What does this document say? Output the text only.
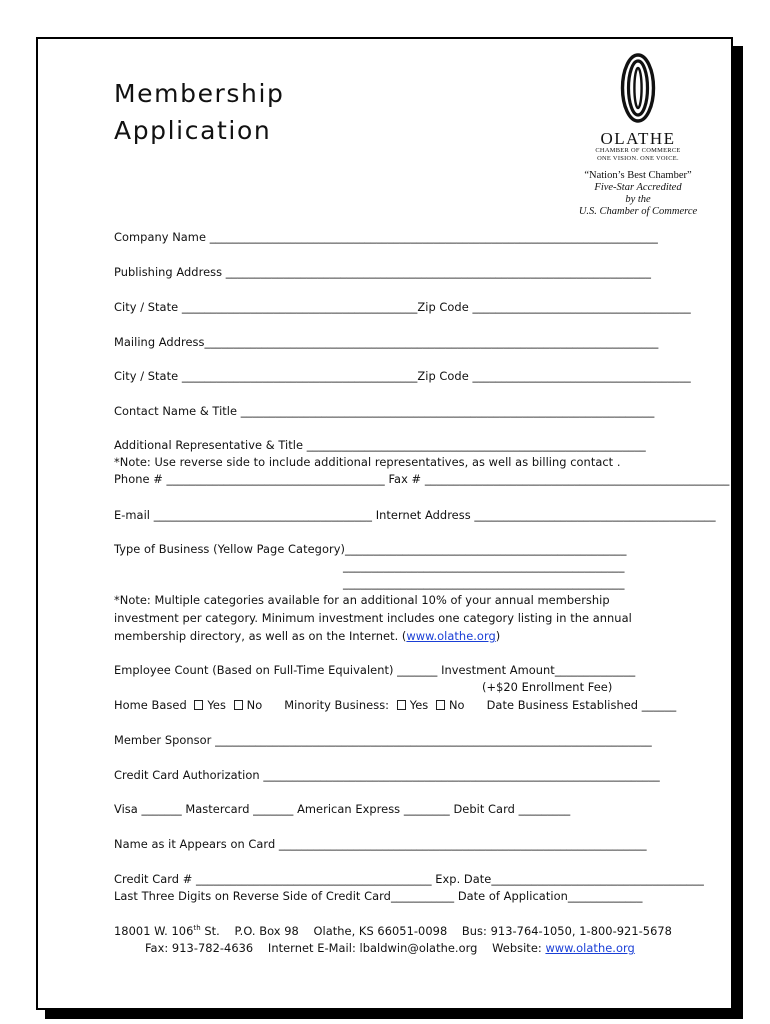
Membership
Application	OLATHE
CHAMBER OF COMMERCE
ONE VISION. ONE VOICE.
“Nation’s Best Chamber”
Five-Star Accredited
by the
U.S. Chamber of Commerce
Company Name ______________________________________________________________________________
Publishing Address __________________________________________________________________________
City / State _________________________________________Zip Code ______________________________________
Mailing Address_______________________________________________________________________________
City / State _________________________________________Zip Code ______________________________________
Contact Name & Title ________________________________________________________________________
Additional Representative & Title ___________________________________________________________
*Note: Use reverse side to include additional representatives, as well as billing contact .
Phone # ______________________________________ Fax # _____________________________________________________
E-mail ______________________________________ Internet Address __________________________________________
Type of Business (Yellow Page Category)_________________________________________________
_________________________________________________
_________________________________________________
*Note: Multiple categories available for an additional 10% of your annual membership
investment per category. Minimum investment includes one category listing in the annual
membership directory, as well as on the Internet. (www.olathe.org)
Employee Count (Based on Full-Time Equivalent) _______ Investment Amount______________
(+$20 Enrollment Fee)
Home Based Yes No Minority Business: Yes No Date Business Established ______
Member Sponsor ____________________________________________________________________________
Credit Card Authorization _____________________________________________________________________
Visa _______ Mastercard _______ American Express ________ Debit Card _________
Name as it Appears on Card ________________________________________________________________
Credit Card # _________________________________________ Exp. Date_____________________________________
Last Three Digits on Reverse Side of Credit Card___________ Date of Application_____________
18001 W. 106th St.    P.O. Box 98    Olathe, KS 66051-0098    Bus: 913-764-1050, 1-800-921-5678
Fax: 913-782-4636    Internet E-Mail: lbaldwin@olathe.org    Website: www.olathe.org
